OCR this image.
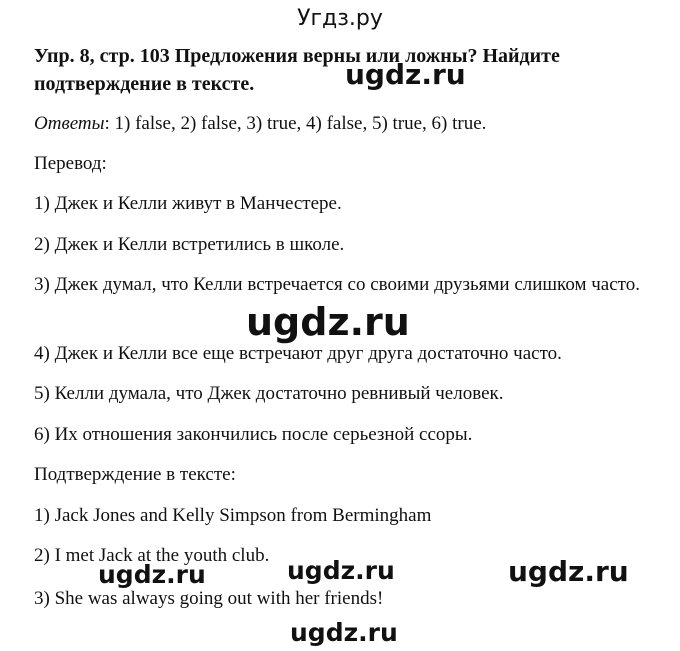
Угдз.ру
Упр. 8, стр. 103 Предложения верны или ложны? Найдите подтверждение в тексте.	ugdz.ru
Ответы: 1) false, 2) false, 3) true, 4) false, 5) true, 6) true.
Перевод:
1) Джек и Келли живут в Манчестере.
2) Джек и Келли встретились в школе.
3) Джек думал, что Келли встречается со своими друзьями слишком часто.
ugdz.ru
4) Джек и Келли все еще встречают друг друга достаточно часто.
5) Келли думала, что Джек достаточно ревнивый человек.
6) Их отношения закончились после серьезной ссоры.
Подтверждение в тексте:
1) Jack Jones and Kelly Simpson from Bermingham
2) I met Jack at the youth club.
ugdz.ru	ugdz.ru	ugdz.ru
3) She was always going out with her friends!
ugdz.ru
